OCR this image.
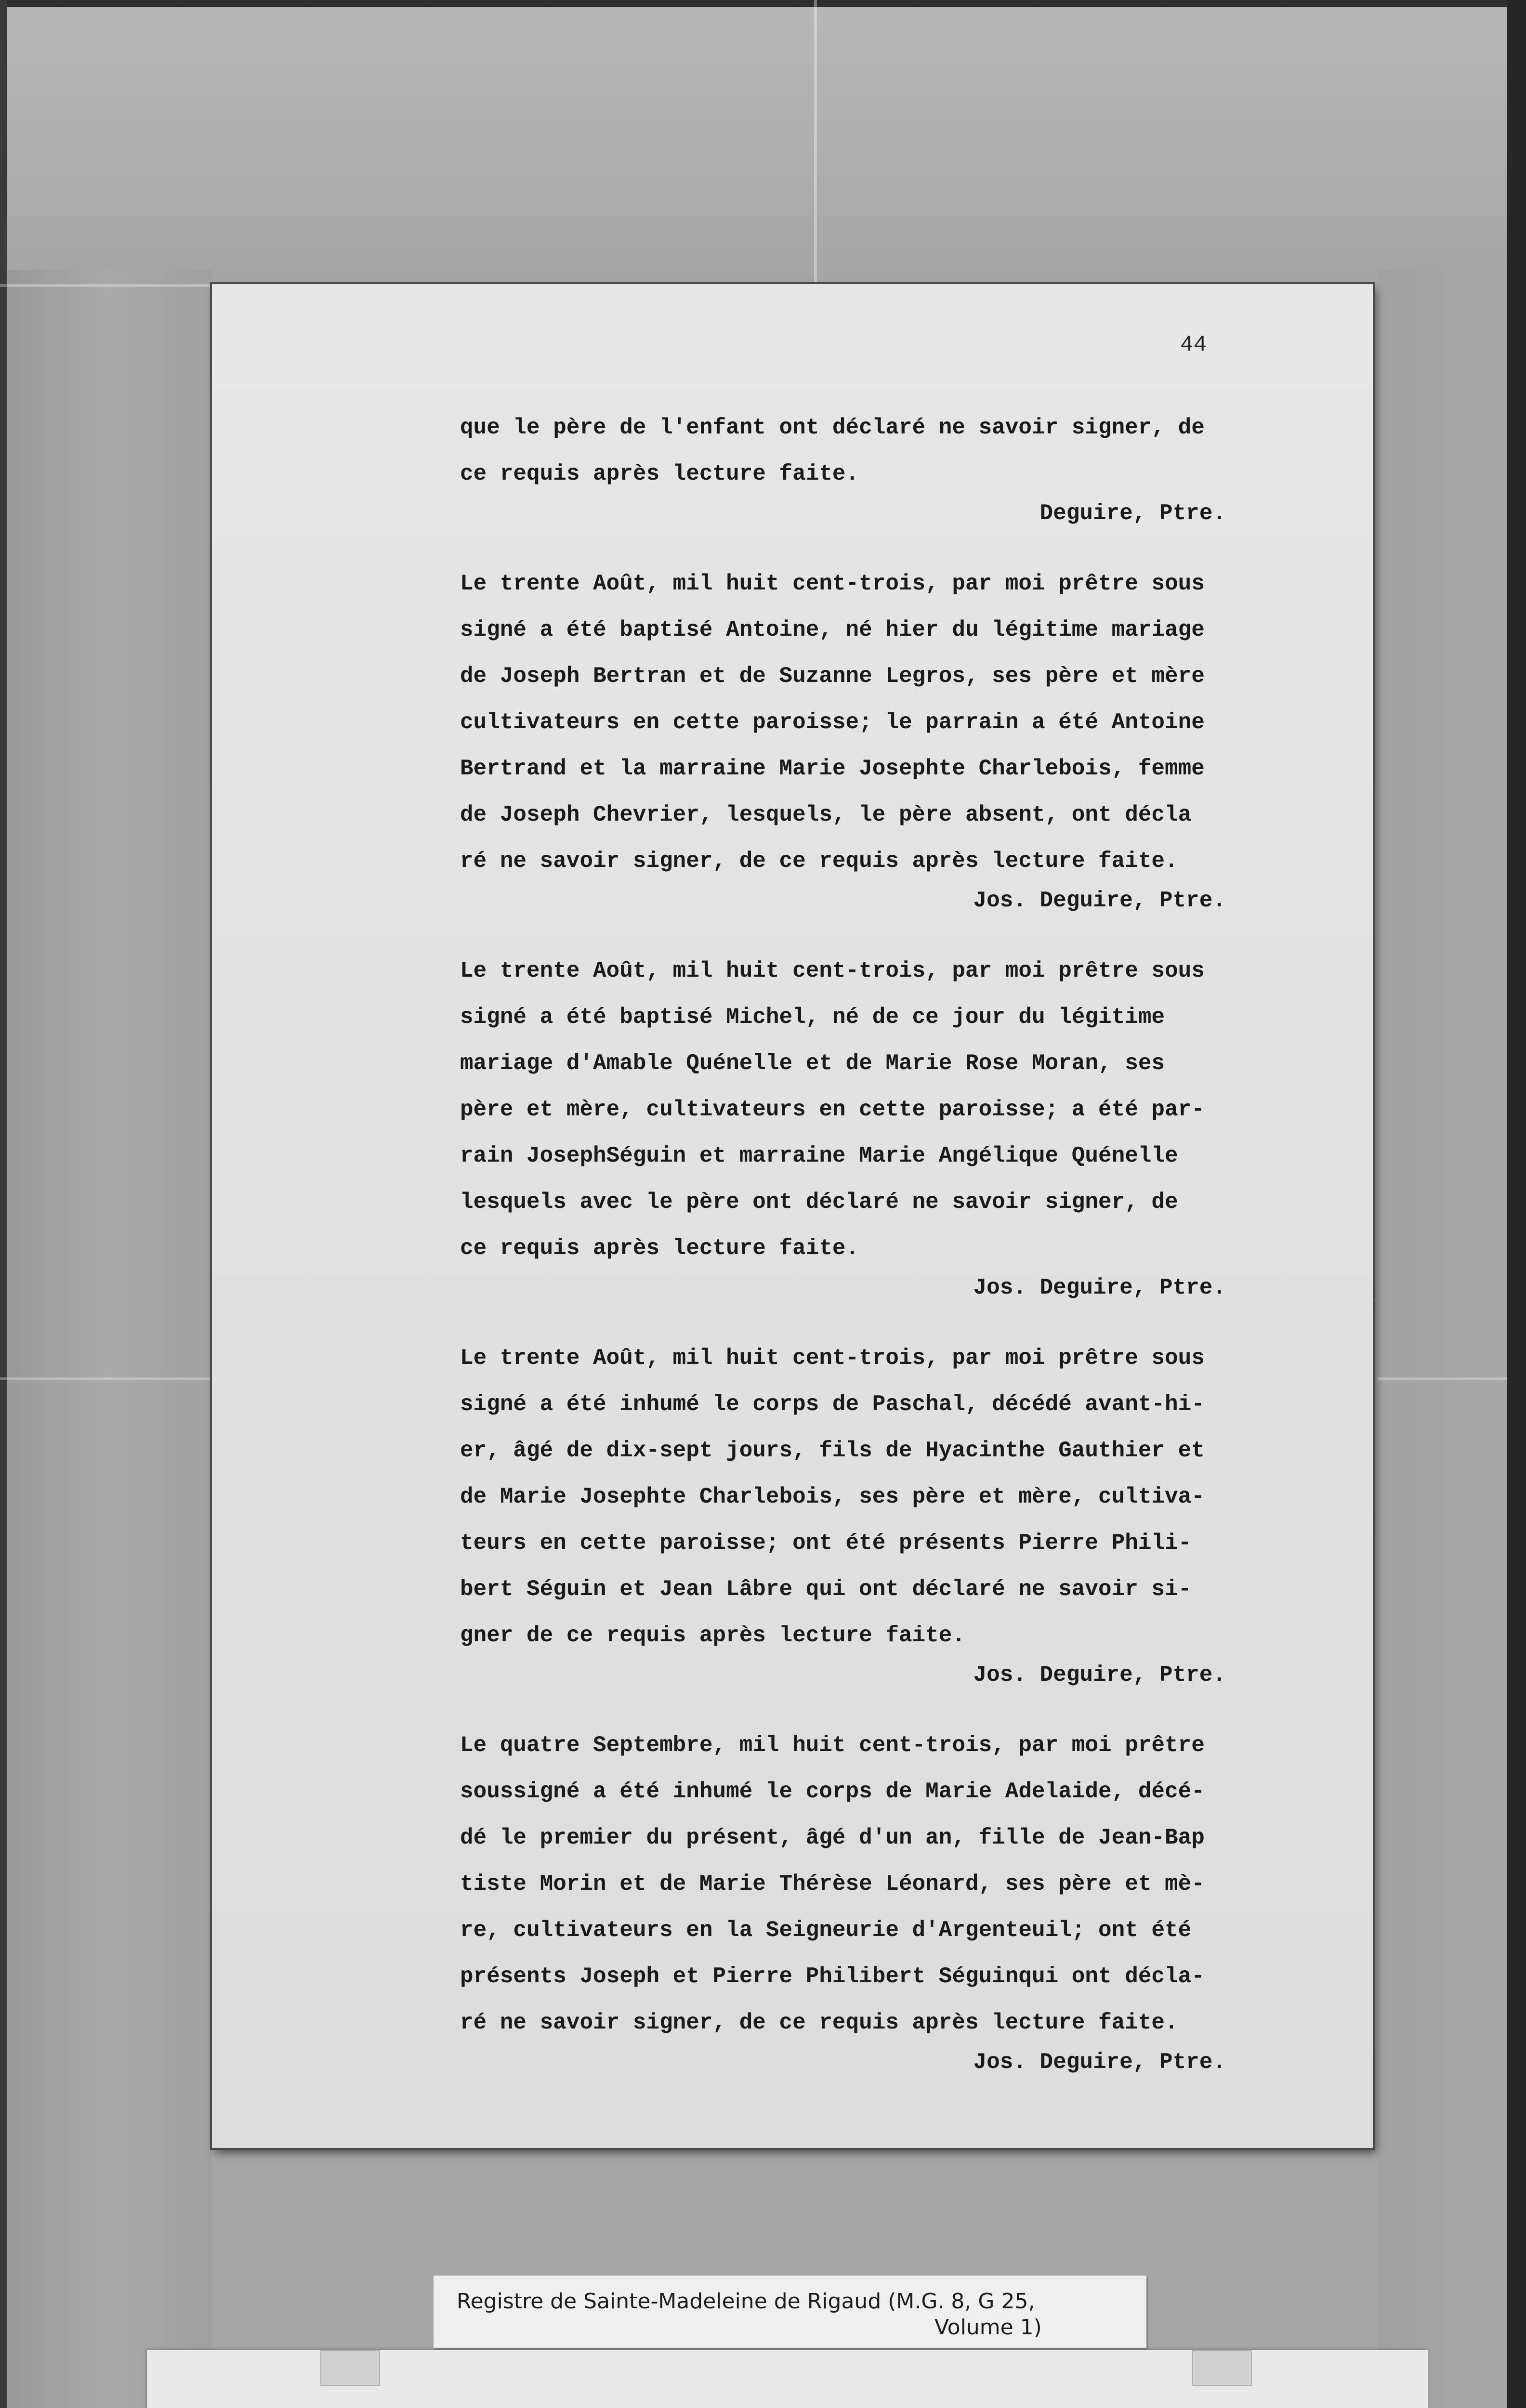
44
que le père de l'enfant ont déclaré ne savoir signer, de
ce requis après lecture faite.
Deguire, Ptre.
Le trente Août, mil huit cent-trois, par moi prêtre sous
signé a été baptisé Antoine, né hier du légitime mariage
de Joseph Bertran et de Suzanne Legros, ses père et mère
cultivateurs en cette paroisse; le parrain a été Antoine
Bertrand et la marraine Marie Josephte Charlebois, femme
de Joseph Chevrier, lesquels, le père absent, ont décla
ré ne savoir signer, de ce requis après lecture faite.
Jos. Deguire, Ptre.
Le trente Août, mil huit cent-trois, par moi prêtre sous
signé a été baptisé Michel, né de ce jour du légitime
mariage d'Amable Quénelle et de Marie Rose Moran, ses
père et mère, cultivateurs en cette paroisse; a été par-
rain JosephSéguin et marraine Marie Angélique Quénelle
lesquels avec le père ont déclaré ne savoir signer, de
ce requis après lecture faite.
Jos. Deguire, Ptre.
Le trente Août, mil huit cent-trois, par moi prêtre sous
signé a été inhumé le corps de Paschal, décédé avant-hi-
er, âgé de dix-sept jours, fils de Hyacinthe Gauthier et
de Marie Josephte Charlebois, ses père et mère, cultiva-
teurs en cette paroisse; ont été présents Pierre Phili-
bert Séguin et Jean Lâbre qui ont déclaré ne savoir si-
gner de ce requis après lecture faite.
Jos. Deguire, Ptre.
Le quatre Septembre, mil huit cent-trois, par moi prêtre
soussigné a été inhumé le corps de Marie Adelaide, décé-
dé le premier du présent, âgé d'un an, fille de Jean-Bap
tiste Morin et de Marie Thérèse Léonard, ses père et mè-
re, cultivateurs en la Seigneurie d'Argenteuil; ont été
présents Joseph et Pierre Philibert Séguinqui ont décla-
ré ne savoir signer, de ce requis après lecture faite.
Jos. Deguire, Ptre.
Registre de Sainte-Madeleine de Rigaud (M.G. 8, G 25,
Volume 1)
